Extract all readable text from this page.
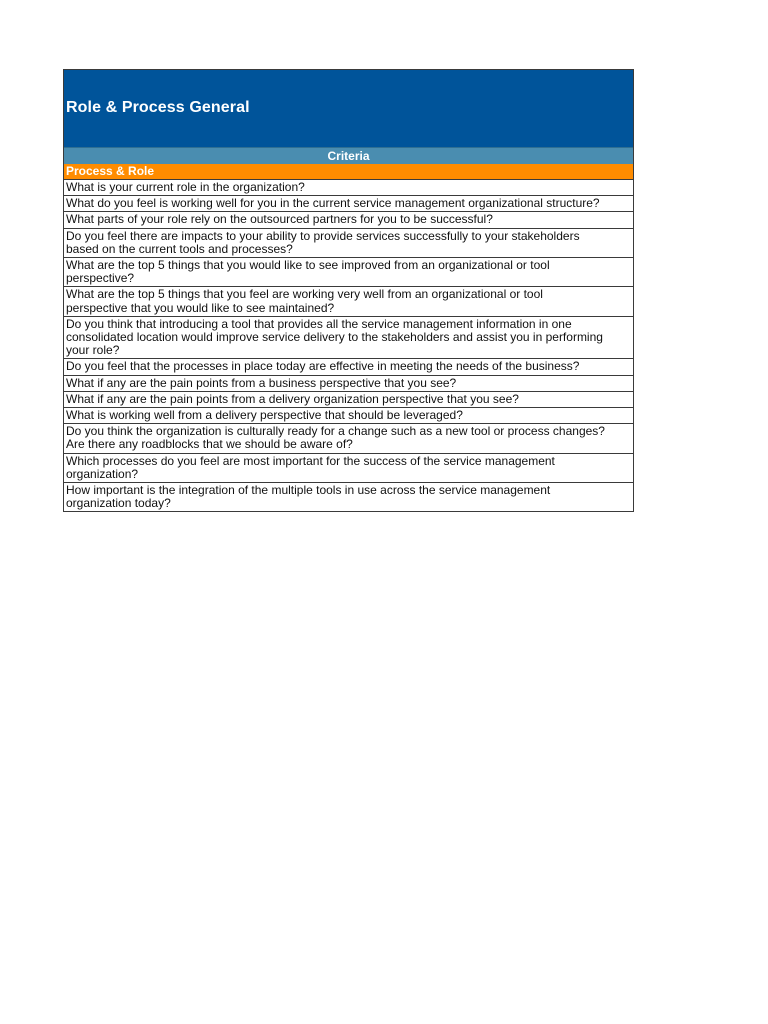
Role & Process General
Criteria
Process & Role
What is your current role in the organization?
What do you feel is working well for you in the current service management organizational structure?
What parts of your role rely on the outsourced partners for you to be successful?
Do you feel there are impacts to your ability to provide services successfully to your stakeholders
based on the current tools and processes?
What are the top 5 things that you would like to see improved from an organizational or tool
perspective?
What are the top 5 things that you feel are working very well from an organizational or tool
perspective that you would like to see maintained?
Do you think that introducing a tool that provides all the service management information in one
consolidated location would improve service delivery to the stakeholders and assist you in performing
your role?
Do you feel that the processes in place today are effective in meeting the needs of the business?
What if any are the pain points from a business perspective that you see?
What if any are the pain points from a delivery organization perspective that you see?
What is working well from a delivery perspective that should be leveraged?
Do you think the organization is culturally ready for a change such as a new tool or process changes?
Are there any roadblocks that we should be aware of?
Which processes do you feel are most important for the success of the service management
organization?
How important is the integration of the multiple tools in use across the service management
organization today?
